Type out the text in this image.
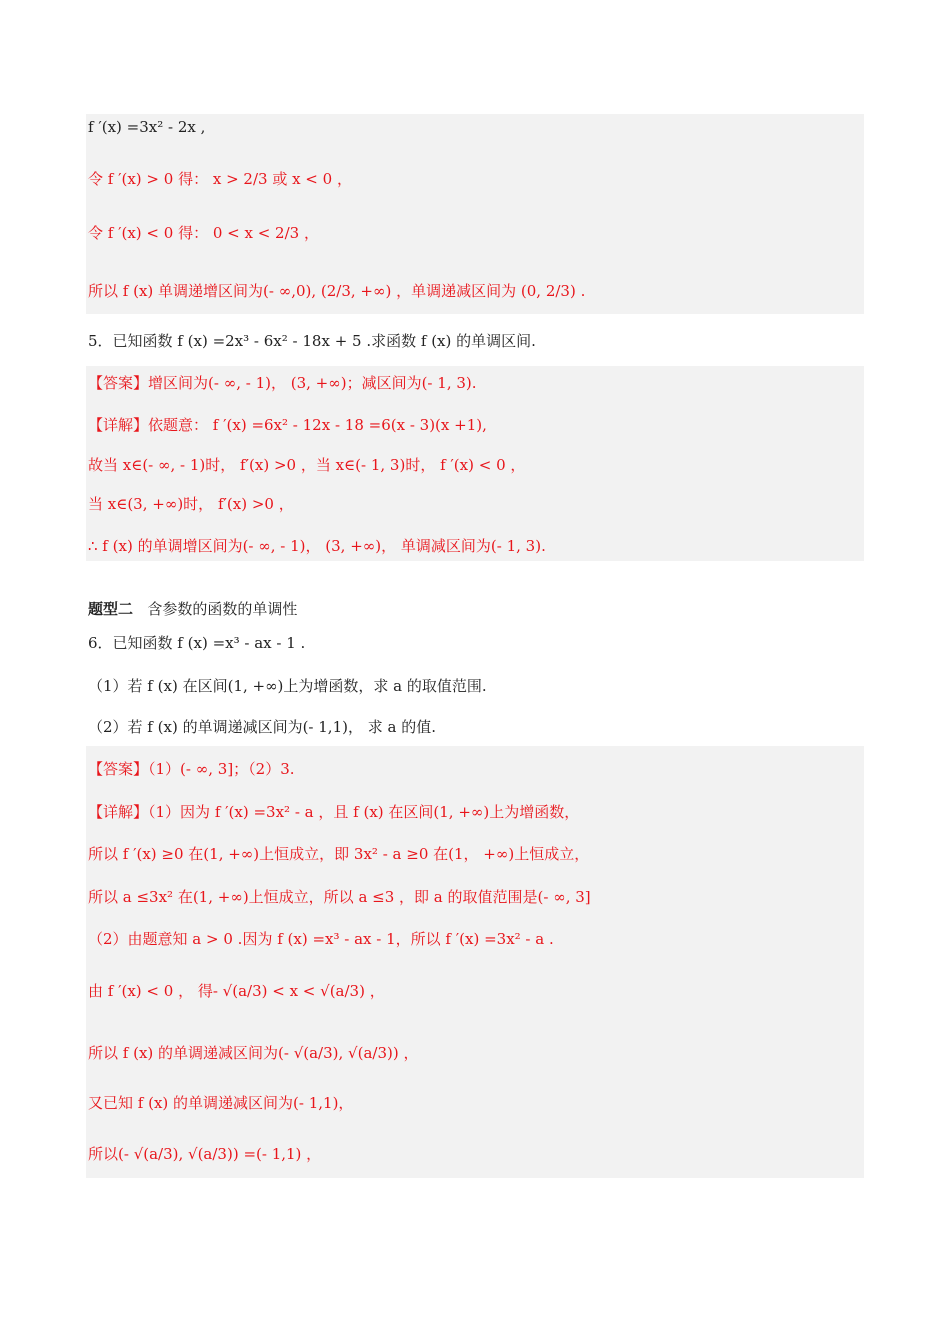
f ′(x) =3x² - 2x ,
令 f ′(x) > 0 得： x > 2/3 或 x < 0 ，
令 f ′(x) < 0 得： 0 < x < 2/3 ，
所以 f (x) 单调递增区间为(- ∞,0), (2/3, +∞) ，单调递减区间为 (0, 2/3) .
5．已知函数 f (x) =2x³ - 6x² - 18x + 5 .求函数 f (x) 的单调区间.
【答案】增区间为(- ∞, - 1)， (3, +∞)；减区间为(- 1, 3).
【详解】依题意： f ′(x) =6x² - 12x - 18 =6(x - 3)(x +1),
故当 x∈(- ∞, - 1)时， f′(x) >0 ，当 x∈(- 1, 3)时， f ′(x) < 0 ，
当 x∈(3, +∞)时， f′(x) >0 ，
∴ f (x) 的单调增区间为(- ∞, - 1)， (3, +∞)， 单调减区间为(- 1, 3).
题型二 含参数的函数的单调性
6．已知函数 f (x) =x³ - ax - 1 .
（1）若 f (x) 在区间(1, +∞)上为增函数，求 a 的取值范围.
（2）若 f (x) 的单调递减区间为(- 1,1)， 求 a 的值.
【答案】（1）(- ∞, 3]；（2）3.
【详解】（1）因为 f ′(x) =3x² - a ，且 f (x) 在区间(1, +∞)上为增函数，
所以 f ′(x) ≥0 在(1, +∞)上恒成立，即 3x² - a ≥0 在(1， +∞)上恒成立，
所以 a ≤3x² 在(1, +∞)上恒成立，所以 a ≤3 ，即 a 的取值范围是(- ∞, 3]
（2）由题意知 a > 0 .因为 f (x) =x³ - ax - 1，所以 f ′(x) =3x² - a .
由 f ′(x) < 0 ， 得- √(a/3) < x < √(a/3) ，
所以 f (x) 的单调递减区间为(- √(a/3), √(a/3)) ，
又已知 f (x) 的单调递减区间为(- 1,1)，
所以(- √(a/3), √(a/3)) =(- 1,1) ，
